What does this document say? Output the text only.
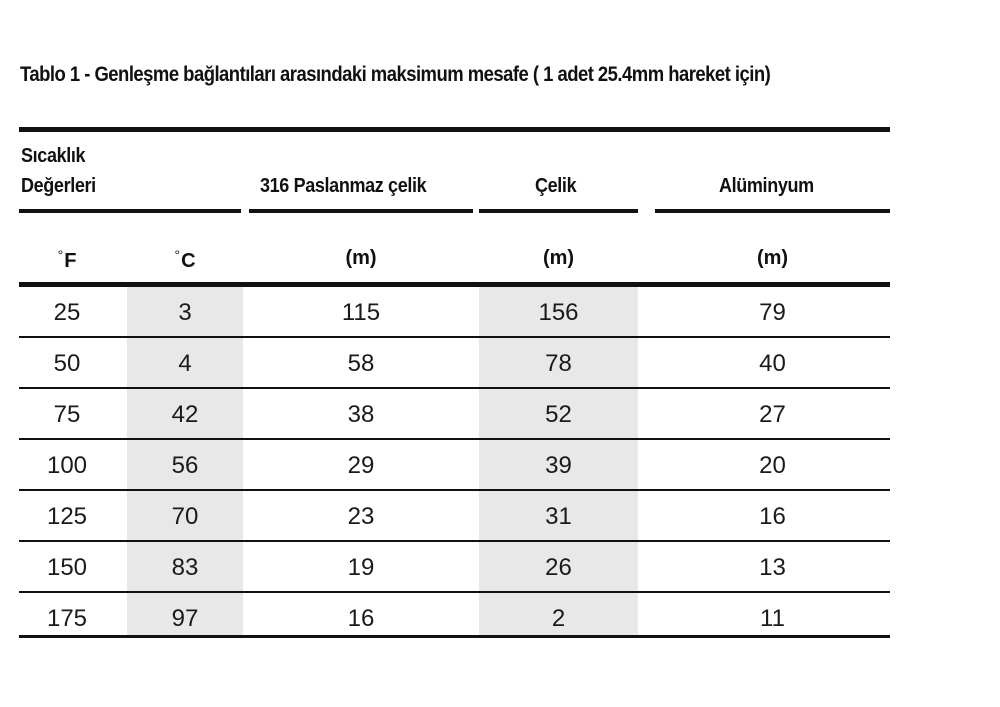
Tablo 1 - Genleşme bağlantıları arasındaki maksimum mesafe ( 1 adet 25.4mm hareket için)
Sıcaklık
Değerleri	316 Paslanmaz çelik	Çelik	Alüminyum
°F	°C	(m)	(m)	(m)
25	3	115	156	79
50	4	58	78	40
75	42	38	52	27
100	56	29	39	20
125	70	23	31	16
150	83	19	26	13
175	97	16	2	11
